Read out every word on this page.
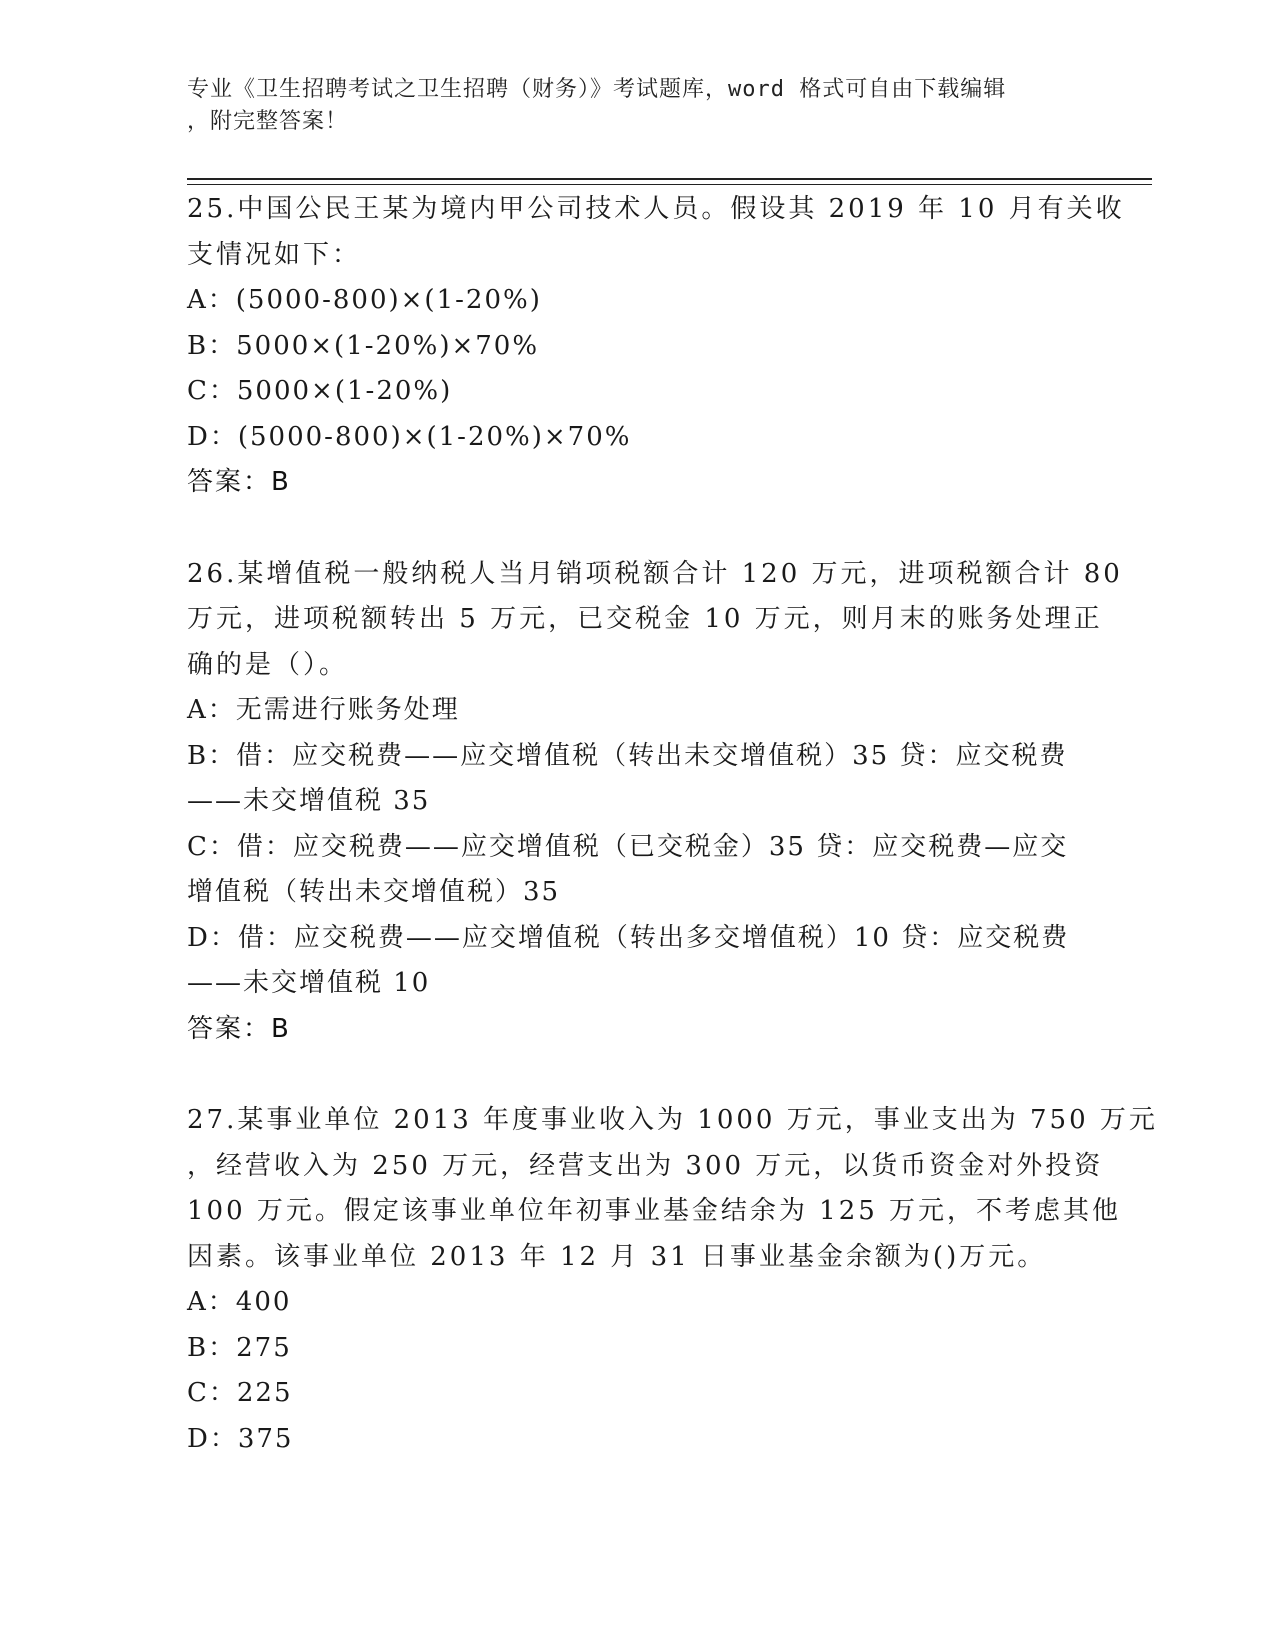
专业《卫生招聘考试之卫生招聘（财务）》考试题库，word 格式可自由下载编辑
，附完整答案！
25.中国公民王某为境内甲公司技术人员。假设其 2019 年 10 月有关收
支情况如下：
A：(5000-800)×(1-20%)
B：5000×(1-20%)×70%
C：5000×(1-20%)
D：(5000-800)×(1-20%)×70%
答案：B
26.某增值税一般纳税人当月销项税额合计 120 万元，进项税额合计 80
万元，进项税额转出 5 万元，已交税金 10 万元，则月末的账务处理正
确的是（）。
A：无需进行账务处理
B：借：应交税费——应交增值税（转出未交增值税）35 贷：应交税费
——未交增值税 35
C：借：应交税费——应交增值税（已交税金）35 贷：应交税费—应交
增值税（转出未交增值税）35
D：借：应交税费——应交增值税（转出多交增值税）10 贷：应交税费
——未交增值税 10
答案：B
27.某事业单位 2013 年度事业收入为 1000 万元，事业支出为 750 万元
，经营收入为 250 万元，经营支出为 300 万元，以货币资金对外投资
100 万元。假定该事业单位年初事业基金结余为 125 万元，不考虑其他
因素。该事业单位 2013 年 12 月 31 日事业基金余额为()万元。
A：400
B：275
C：225
D：375
